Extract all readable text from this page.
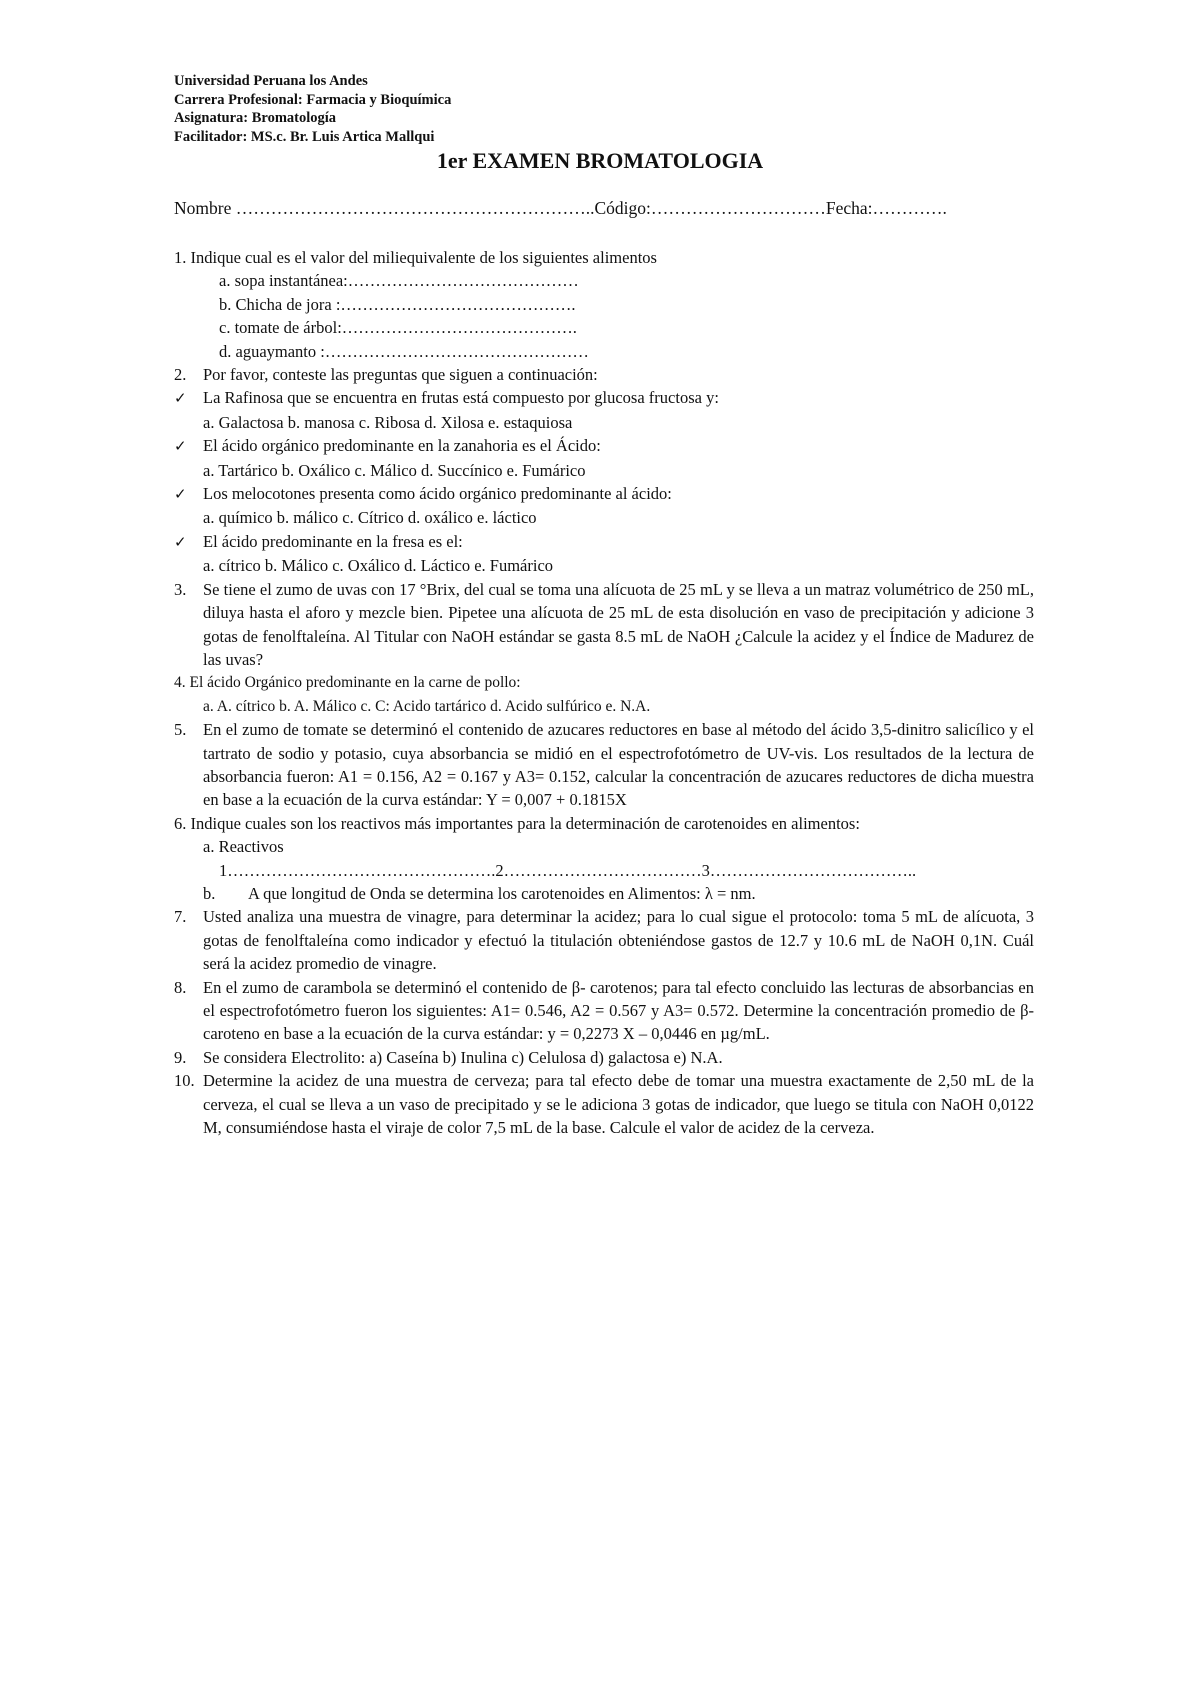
Universidad Peruana los Andes
Carrera Profesional: Farmacia y Bioquímica
Asignatura: Bromatología
Facilitador: MS.c. Br. Luis Artica Mallqui
1er EXAMEN BROMATOLOGIA
Nombre ……………………………………………………..Código:…………………………Fecha:………….
1. Indique cual es el valor del miliequivalente de los siguientes alimentos
a. sopa instantánea:……………………………………
b. Chicha de jora :…………………………………….
c. tomate de árbol:…………………………………….
d. aguaymanto :…………………………………………
2.	Por favor, conteste las preguntas que siguen a continuación:
✓ La Rafinosa que se encuentra en frutas está compuesto por glucosa fructosa y:
a. Galactosa b. manosa c. Ribosa d. Xilosa e. estaquiosa
✓ El ácido orgánico predominante en la zanahoria es el Ácido:
a. Tartárico b. Oxálico c. Málico d. Succínico e. Fumárico
✓ Los melocotones presenta como ácido orgánico predominante al ácido:
a. químico b. málico c. Cítrico d. oxálico e. láctico
✓ El ácido predominante en la fresa es el:
a. cítrico b. Málico c. Oxálico d. Láctico e. Fumárico
3.	Se tiene el zumo de uvas con 17 °Brix, del cual se toma una alícuota de 25 mL y se lleva a un matraz volumétrico de 250 mL, diluya hasta el aforo y mezcle bien. Pipetee una alícuota de 25 mL de esta disolución en vaso de precipitación y adicione 3 gotas de fenolftaleína. Al Titular con NaOH estándar se gasta 8.5 mL de NaOH ¿Calcule la acidez y el Índice de Madurez de las uvas?
4. El ácido Orgánico predominante en la carne de pollo:
a. A. cítrico b. A. Málico c. C: Acido tartárico d. Acido sulfúrico e. N.A.
5.	En el zumo de tomate se determinó el contenido de azucares reductores en base al método del ácido 3,5-dinitro salicílico y el tartrato de sodio y potasio, cuya absorbancia se midió en el espectrofotómetro de UV-vis. Los resultados de la lectura de absorbancia fueron: A1 = 0.156, A2 = 0.167 y A3= 0.152, calcular la concentración de azucares reductores de dicha muestra en base a la ecuación de la curva estándar: Y = 0,007 + 0.1815X
6. Indique cuales son los reactivos más importantes para la determinación de carotenoides en alimentos:
a. Reactivos
1………………………………………….2………………………………3………………………………..
b.	A que longitud de Onda se determina los carotenoides en Alimentos: λ = nm.
7.	Usted analiza una muestra de vinagre, para determinar la acidez; para lo cual sigue el protocolo: toma 5 mL de alícuota, 3 gotas de fenolftaleína como indicador y efectuó la titulación obteniéndose gastos de 12.7 y 10.6 mL de NaOH 0,1N. Cuál será la acidez promedio de vinagre.
8.	En el zumo de carambola se determinó el contenido de β- carotenos; para tal efecto concluido las lecturas de absorbancias en el espectrofotómetro fueron los siguientes: A1= 0.546, A2 = 0.567 y A3= 0.572. Determine la concentración promedio de β-caroteno en base a la ecuación de la curva estándar: y = 0,2273 X – 0,0446 en µg/mL.
9.	Se considera Electrolito: a) Caseína b) Inulina c) Celulosa d) galactosa e) N.A.
10. Determine la acidez de una muestra de cerveza; para tal efecto debe de tomar una muestra exactamente de 2,50 mL de la cerveza, el cual se lleva a un vaso de precipitado y se le adiciona 3 gotas de indicador, que luego se titula con NaOH 0,0122 M, consumiéndose hasta el viraje de color 7,5 mL de la base. Calcule el valor de acidez de la cerveza.
